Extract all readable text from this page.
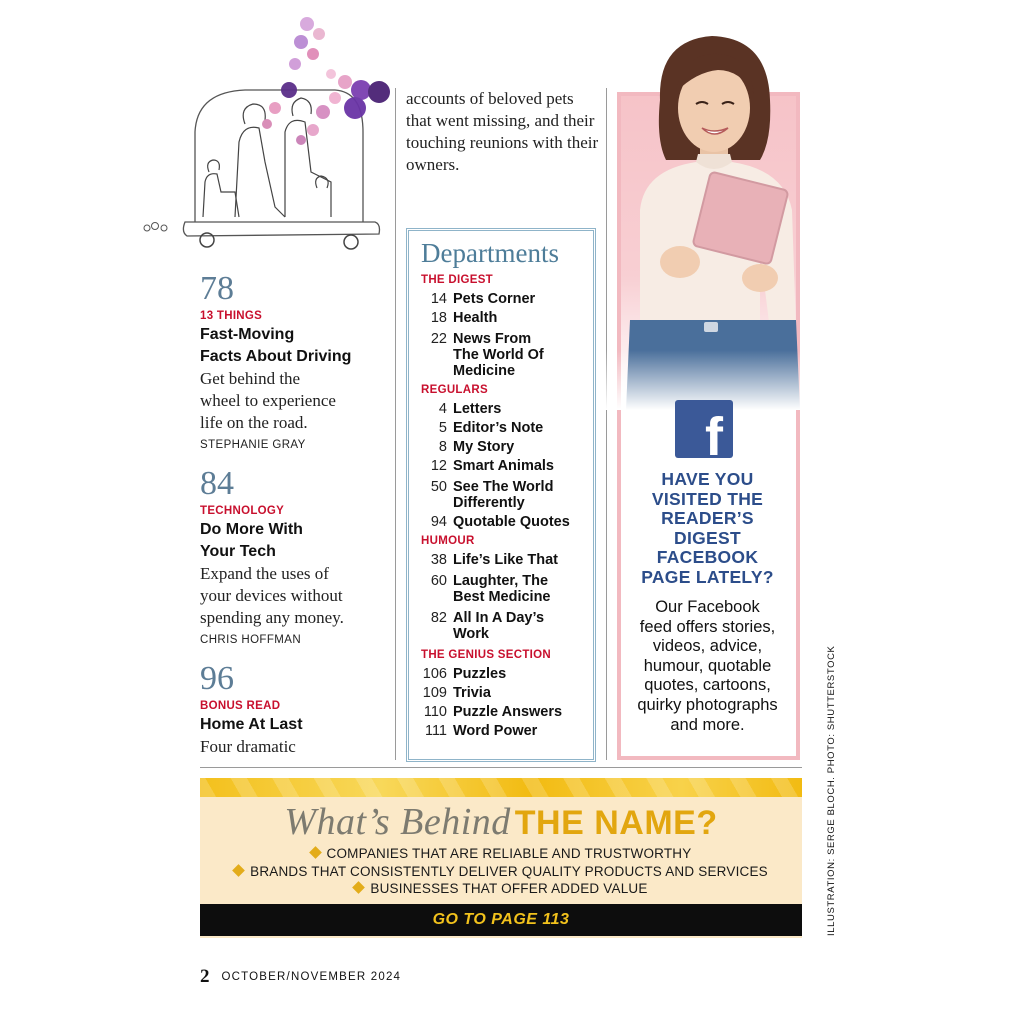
78
13 THINGS
Fast-Moving
Facts About Driving
Get behind the
wheel to experience
life on the road.
STEPHANIE GRAY
84
TECHNOLOGY
Do More With
Your Tech
Expand the uses of
your devices without
spending any money.
CHRIS HOFFMAN
96
BONUS READ
Home At Last
Four dramatic
accounts of beloved pets that went missing, and their touching reunions with their owners.
Departments
THE DIGEST
14 Pets Corner
18 Health
22 News From
The World Of
Medicine
REGULARS
4 Letters
5 Editor’s Note
8 My Story
12 Smart Animals
50 See The World
Differently
94 Quotable Quotes
HUMOUR
38 Life’s Like That
60 Laughter, The
Best Medicine
82 All In A Day’s
Work
THE GENIUS SECTION
106 Puzzles
109 Trivia
110 Puzzle Answers
111 Word Power
f
HAVE YOU
VISITED THE
READER’S
DIGEST
FACEBOOK
PAGE LATELY?
Our Facebook
feed offers stories,
videos, advice,
humour, quotable
quotes, cartoons,
quirky photographs
and more.
What’s Behind THE NAME?
COMPANIES THAT ARE RELIABLE AND TRUSTWORTHY
BRANDS THAT CONSISTENTLY DELIVER QUALITY PRODUCTS AND SERVICES
BUSINESSES THAT OFFER ADDED VALUE
GO TO PAGE 113
2 OCTOBER/NOVEMBER 2024
ILLUSTRATION: SERGE BLOCH. PHOTO: SHUTTERSTOCK
